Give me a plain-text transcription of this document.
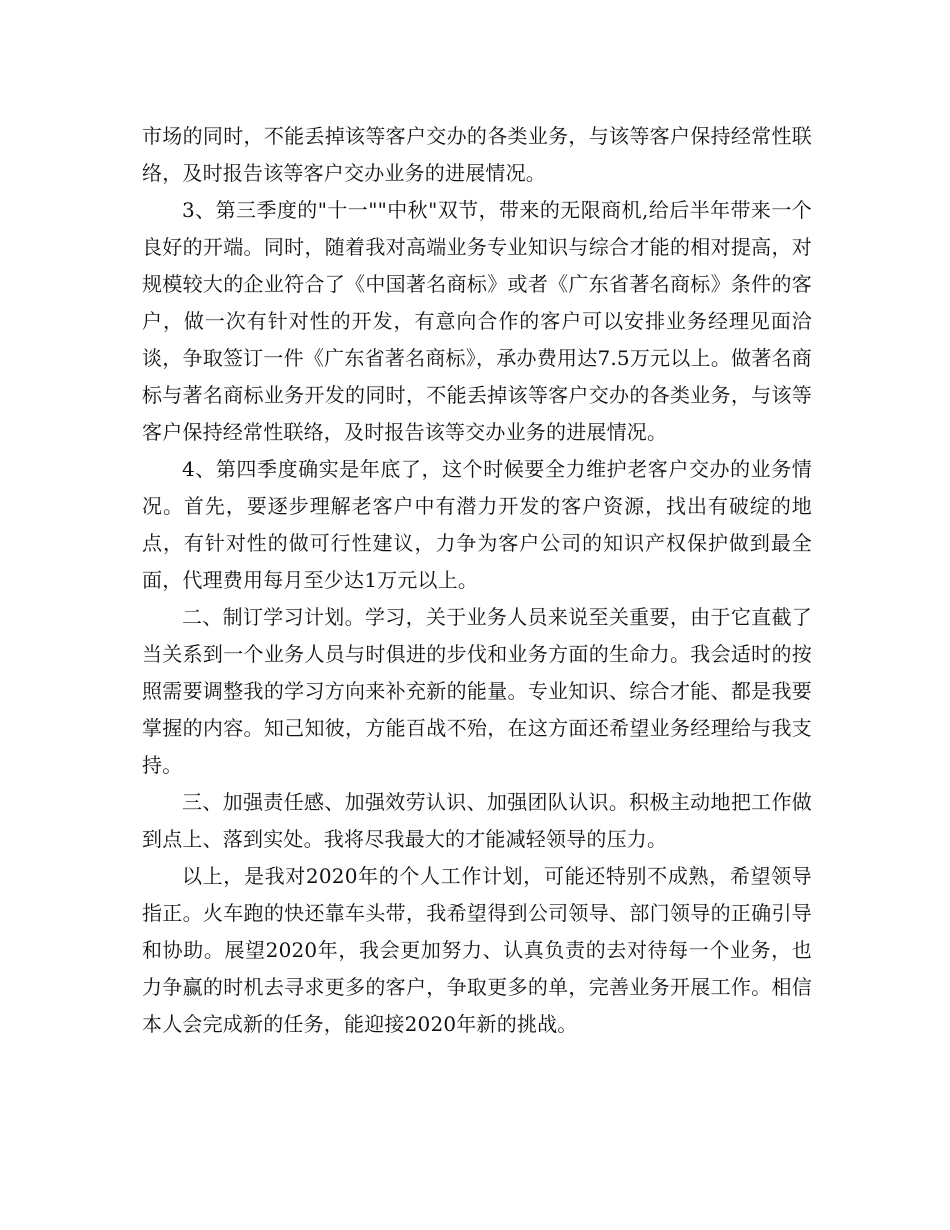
市场的同时，不能丢掉该等客户交办的各类业务，与该等客户保持经常性联络，及时报告该等客户交办业务的进展情况。

3、第三季度的"十一""中秋"双节，带来的无限商机,给后半年带来一个良好的开端。同时，随着我对高端业务专业知识与综合才能的相对提高，对规模较大的企业符合了《中国著名商标》或者《广东省著名商标》条件的客户，做一次有针对性的开发，有意向合作的客户可以安排业务经理见面洽谈，争取签订一件《广东省著名商标》，承办费用达7.5万元以上。做著名商标与著名商标业务开发的同时，不能丢掉该等客户交办的各类业务，与该等客户保持经常性联络，及时报告该等交办业务的进展情况。

4、第四季度确实是年底了，这个时候要全力维护老客户交办的业务情况。首先，要逐步理解老客户中有潜力开发的客户资源，找出有破绽的地点，有针对性的做可行性建议，力争为客户公司的知识产权保护做到最全面，代理费用每月至少达1万元以上。

二、制订学习计划。学习，关于业务人员来说至关重要，由于它直截了当关系到一个业务人员与时俱进的步伐和业务方面的生命力。我会适时的按照需要调整我的学习方向来补充新的能量。专业知识、综合才能、都是我要掌握的内容。知己知彼，方能百战不殆，在这方面还希望业务经理给与我支持。

三、加强责任感、加强效劳认识、加强团队认识。积极主动地把工作做到点上、落到实处。我将尽我最大的才能减轻领导的压力。

以上，是我对2020年的个人工作计划，可能还特别不成熟，希望领导指正。火车跑的快还靠车头带，我希望得到公司领导、部门领导的正确引导和协助。展望2020年，我会更加努力、认真负责的去对待每一个业务，也力争赢的时机去寻求更多的客户，争取更多的单，完善业务开展工作。相信本人会完成新的任务，能迎接2020年新的挑战。
